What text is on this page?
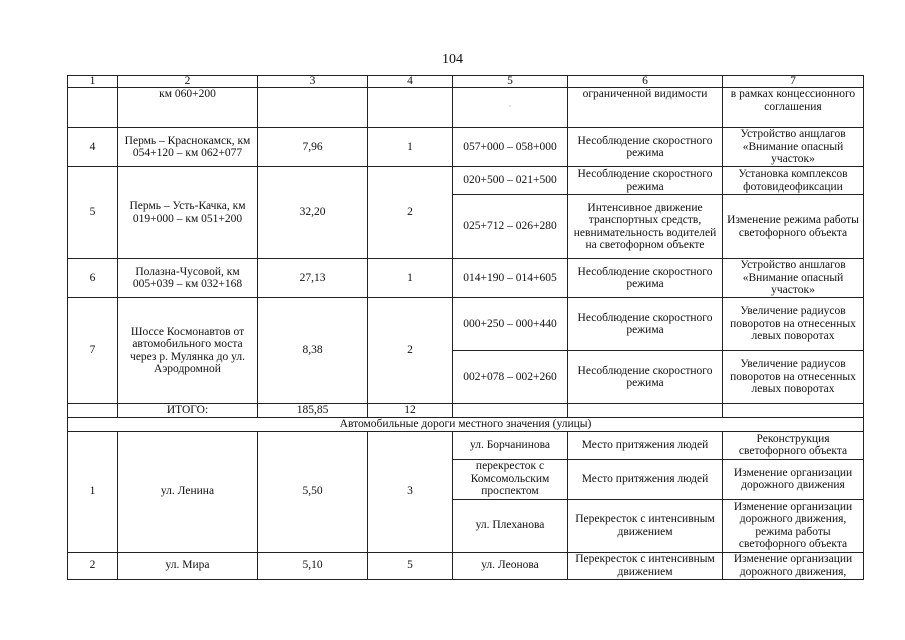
104
1	2	3	4	5	6	7
	км 060+200			·	ограниченной видимости	в рамках концессионного соглашения
4	Пермь – Краснокамск, км 054+120 – км 062+077	7,96	1	057+000 – 058+000	Несоблюдение скоростного режима	Устройство анщлагов «Внимание опасный участок»
5	Пермь – Усть-Качка, км 019+000 – км 051+200	32,20	2	020+500 – 021+500	Несоблюдение скоростного режима	Установка комплексов фотовидеофиксации
				025+712 – 026+280	Интенсивное движение транспортных средств, невнимательность водителей на светофорном объекте	Изменение режима работы светофорного объекта
6	Полазна-Чусовой, км 005+039 – км 032+168	27,13	1	014+190 – 014+605	Несоблюдение скоростного режима	Устройство аншлагов «Внимание опасный участок»
7	Шоссе Космонавтов от автомобильного моста через р. Мулянка до ул. Аэродромной	8,38	2	000+250 – 000+440	Несоблюдение скоростного режима	Увеличение радиусов поворотов на отнесенных левых поворотах
				002+078 – 002+260	Несоблюдение скоростного режима	Увеличение радиусов поворотов на отнесенных левых поворотах
	ИТОГО:	185,85	12			
Автомобильные дороги местного значения (улицы)						
1	ул. Ленина	5,50	3	ул. Борчанинова	Место притяжения людей	Реконструкция светофорного объекта
				перекресток с Комсомольским проспектом	Место притяжения людей	Изменение организации дорожного движения
				ул. Плеханова	Перекресток с интенсивным движением	Изменение организации дорожного движения, режима работы светофорного объекта
2	ул. Мира	5,10	5	ул. Леонова	Перекресток с интенсивным движением	Изменение организации дорожного движения,
